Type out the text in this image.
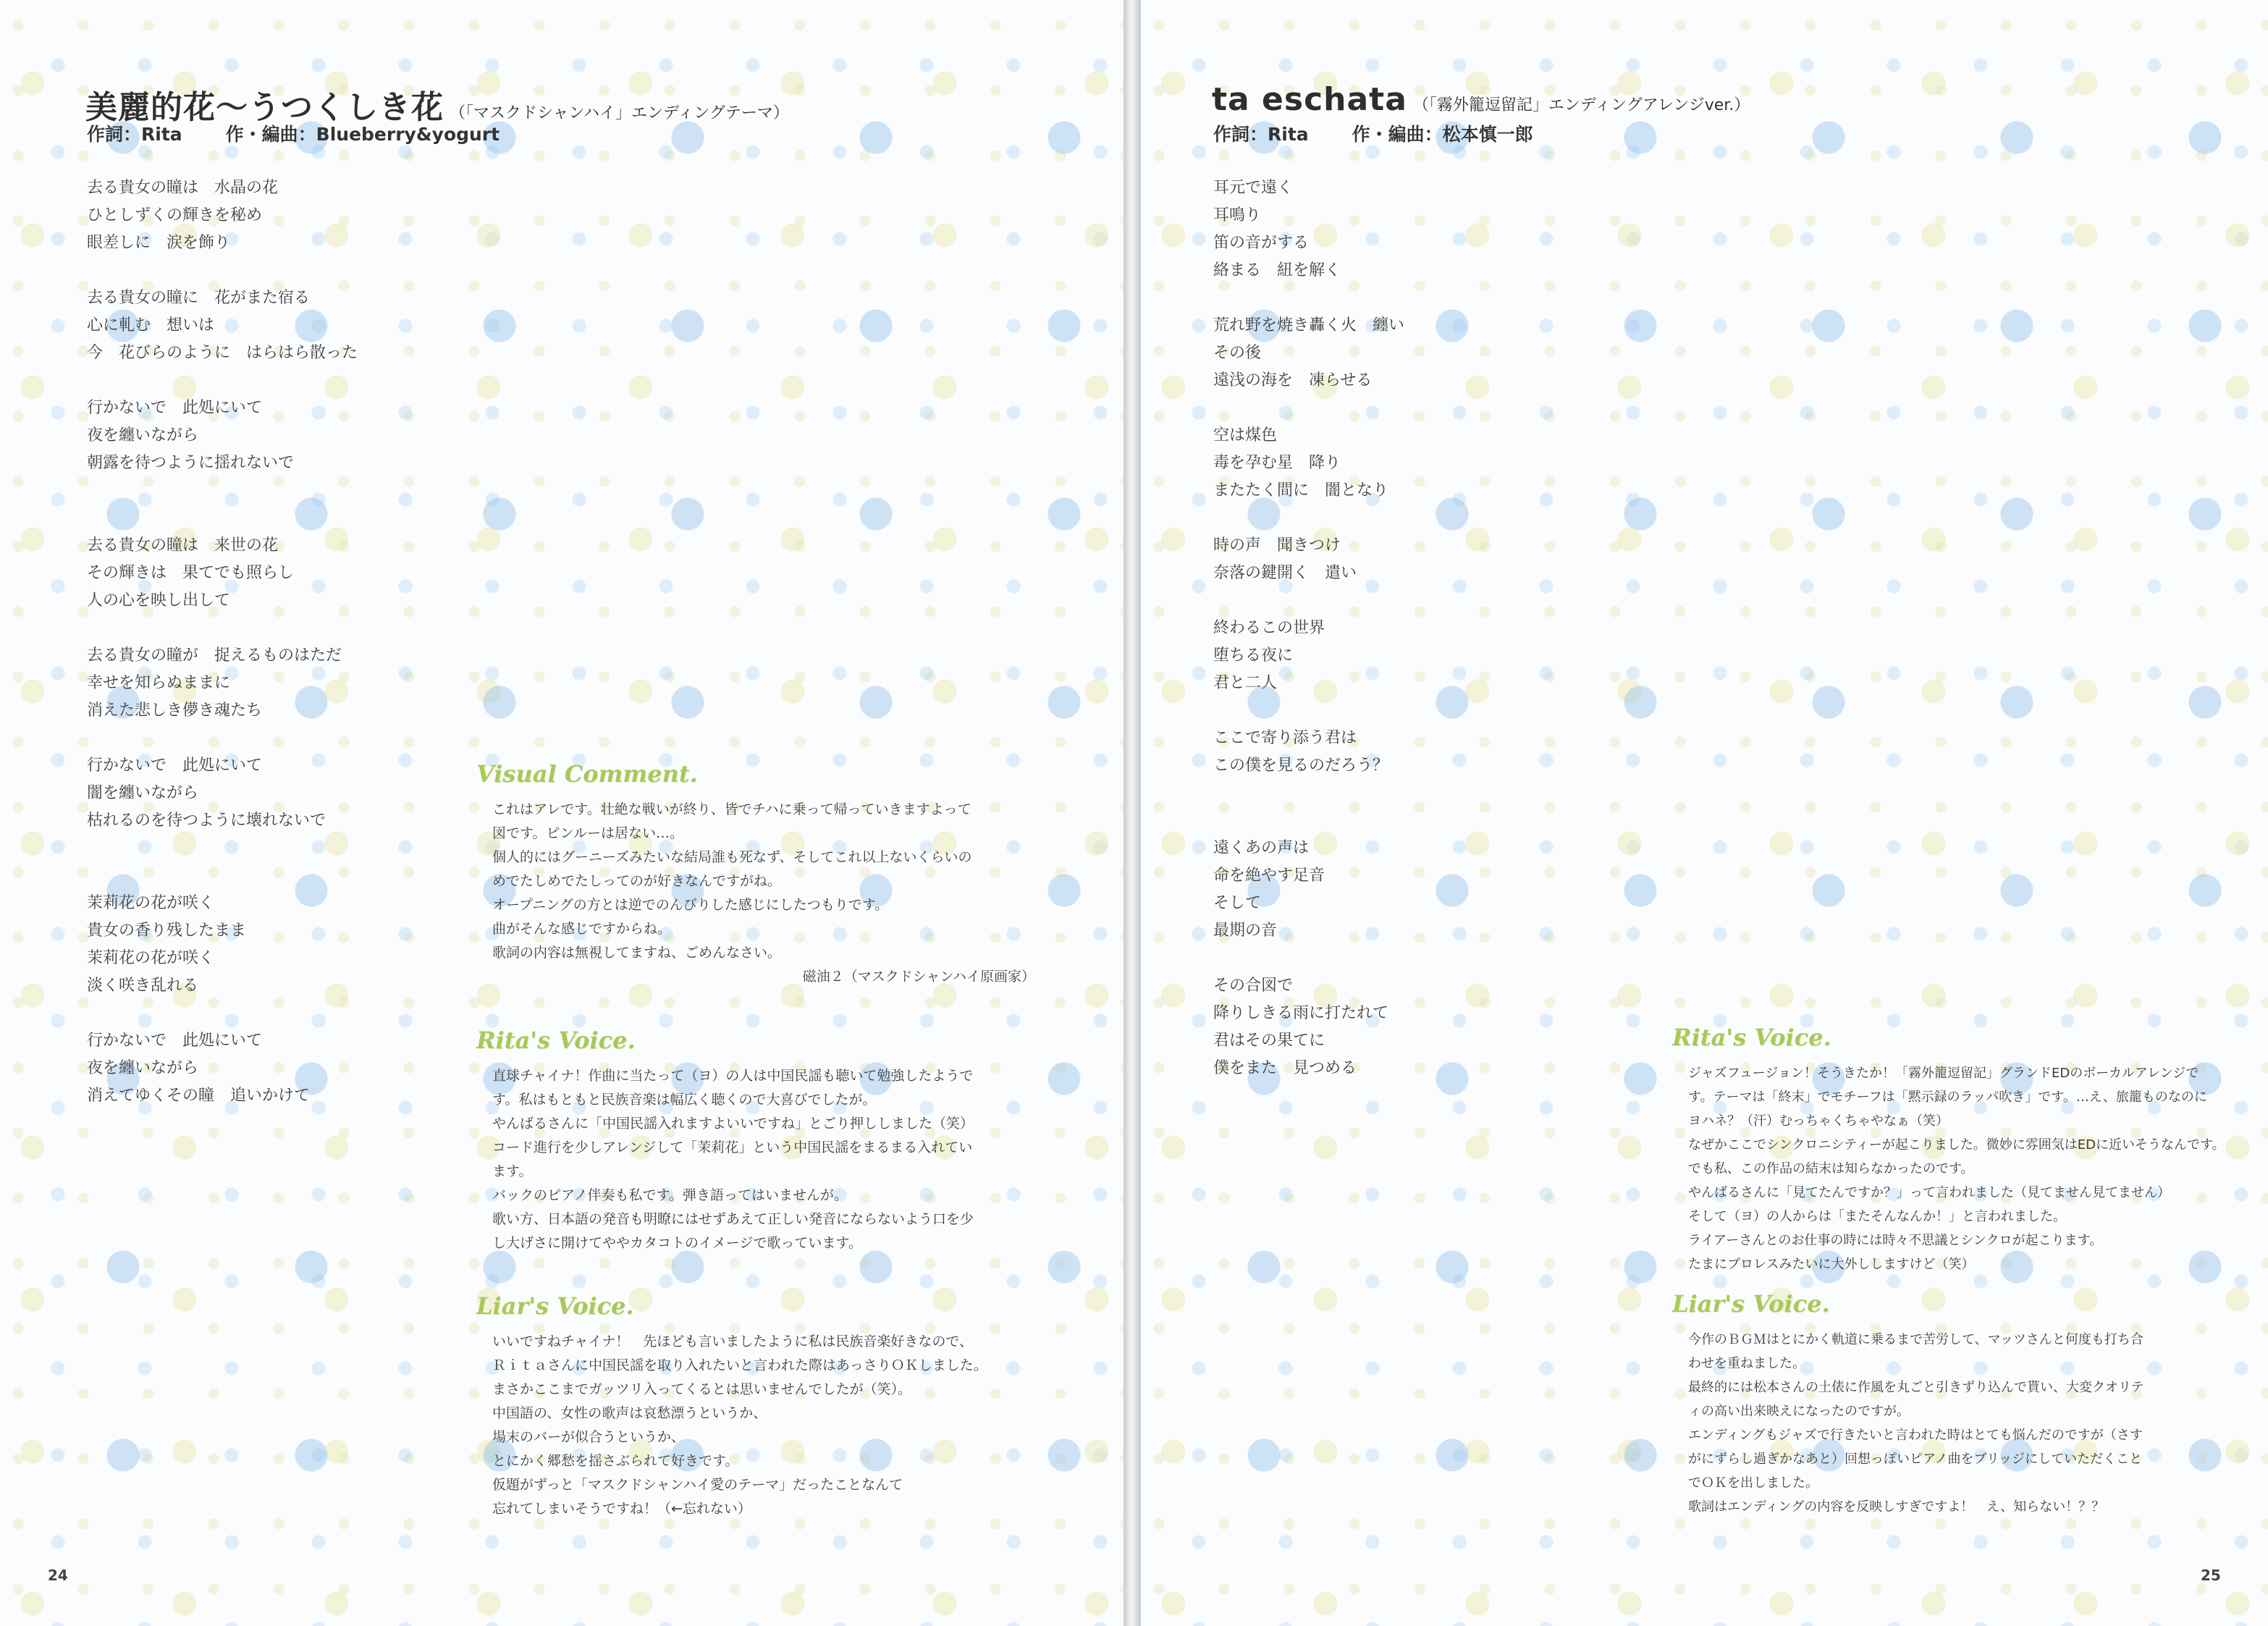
美麗的花～うつくしき花 （「マスクドシャンハイ」エンディングテーマ）
作詞：Rita 作・編曲：Blueberry&yogurt
去る貴女の瞳は　水晶の花
ひとしずくの輝きを秘め
眼差しに　涙を飾り
去る貴女の瞳に　花がまた宿る
心に軋む　想いは
今　花びらのように　はらはら散った
行かないで　此処にいて
夜を纏いながら
朝露を待つように揺れないで
去る貴女の瞳は　来世の花
その輝きは　果てでも照らし
人の心を映し出して
去る貴女の瞳が　捉えるものはただ
幸せを知らぬままに
消えた悲しき儚き魂たち
行かないで　此処にいて
闇を纏いながら
枯れるのを待つように壊れないで
茉莉花の花が咲く
貴女の香り残したまま
茉莉花の花が咲く
淡く咲き乱れる
行かないで　此処にいて
夜を纏いながら
消えてゆくその瞳　追いかけて
Visual Comment.
これはアレです。壮絶な戦いが終り、皆でチハに乗って帰っていきますよって
図です。ピンルーは居ない…。
個人的にはグーニーズみたいな結局誰も死なず、そしてこれ以上ないくらいの
めでたしめでたしってのが好きなんですがね。
オープニングの方とは逆でのんびりした感じにしたつもりです。
曲がそんな感じですからね。
歌詞の内容は無視してますね、ごめんなさい。
磁油２（マスクドシャンハイ原画家）
Rita's Voice.
直球チャイナ！作曲に当たって（ヨ）の人は中国民謡も聴いて勉強したようで
す。私はもともと民族音楽は幅広く聴くので大喜びでしたが。
やんばるさんに「中国民謡入れますよいいですね」とごり押ししました（笑）
コード進行を少しアレンジして「茉莉花」という中国民謡をまるまる入れてい
ます。
バックのピアノ伴奏も私です。弾き語ってはいませんが。
歌い方、日本語の発音も明瞭にはせずあえて正しい発音にならないよう口を少
し大げさに開けてややカタコトのイメージで歌っています。
Liar's Voice.
いいですねチャイナ！　先ほども言いましたように私は民族音楽好きなので、
Ｒｉｔａさんに中国民謡を取り入れたいと言われた際はあっさりＯＫしました。
まさかここまでガッツリ入ってくるとは思いませんでしたが（笑）。
中国語の、女性の歌声は哀愁漂うというか、
場末のバーが似合うというか、
とにかく郷愁を揺さぶられて好きです。
仮題がずっと「マスクドシャンハイ愛のテーマ」だったことなんて
忘れてしまいそうですね！（←忘れない）
24
ta eschata （「霧外籠逗留記」エンディングアレンジver.）
作詞：Rita 作・編曲：松本慎一郎
耳元で遠く
耳鳴り
笛の音がする
絡まる　紐を解く
荒れ野を焼き轟く火　纏い
その後
遠浅の海を　凍らせる
空は煤色
毒を孕む星　降り
またたく間に　闇となり
時の声　聞きつけ
奈落の鍵開く　遣い
終わるこの世界
堕ちる夜に
君と二人
ここで寄り添う君は
この僕を見るのだろう？
遠くあの声は
命を絶やす足音
そして
最期の音
その合図で
降りしきる雨に打たれて
君はその果てに
僕をまた　見つめる
Rita's Voice.
ジャズフュージョン！そうきたか！「霧外籠逗留記」グランドEDのボーカルアレンジで
す。テーマは「終末」でモチーフは「黙示録のラッパ吹き」です。…え、旅籠ものなのに
ヨハネ？（汗）むっちゃくちゃやなぁ（笑）
なぜかここでシンクロニシティーが起こりました。微妙に雰囲気はEDに近いそうなんです。
でも私、この作品の結末は知らなかったのです。
やんばるさんに「見てたんですか？」って言われました（見てません見てません）
そして（ヨ）の人からは「またそんなんか！」と言われました。
ライアーさんとのお仕事の時には時々不思議とシンクロが起こります。
たまにプロレスみたいに大外ししますけど（笑）
Liar's Voice.
今作のＢＧＭはとにかく軌道に乗るまで苦労して、マッツさんと何度も打ち合
わせを重ねました。
最終的には松本さんの土俵に作風を丸ごと引きずり込んで貰い、大変クオリテ
ィの高い出来映えになったのですが。
エンディングもジャズで行きたいと言われた時はとても悩んだのですが（さす
がにずらし過ぎかなあと）回想っぽいピアノ曲をブリッジにしていただくこと
でＯＫを出しました。
歌詞はエンディングの内容を反映しすぎですよ！　え、知らない！？？
25
